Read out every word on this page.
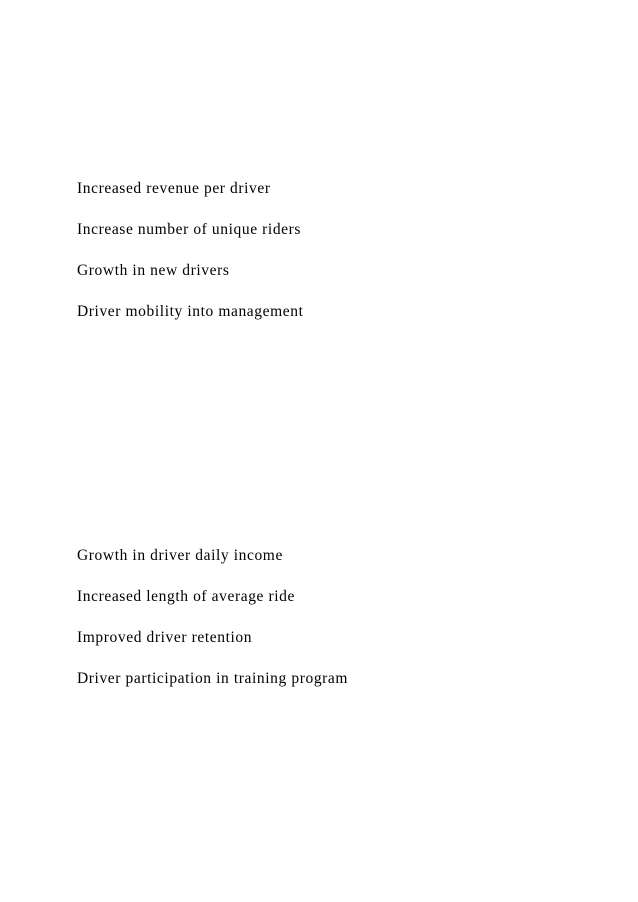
Increased revenue per driver
Increase number of unique riders
Growth in new drivers
Driver mobility into management
Growth in driver daily income
Increased length of average ride
Improved driver retention
Driver participation in training program
